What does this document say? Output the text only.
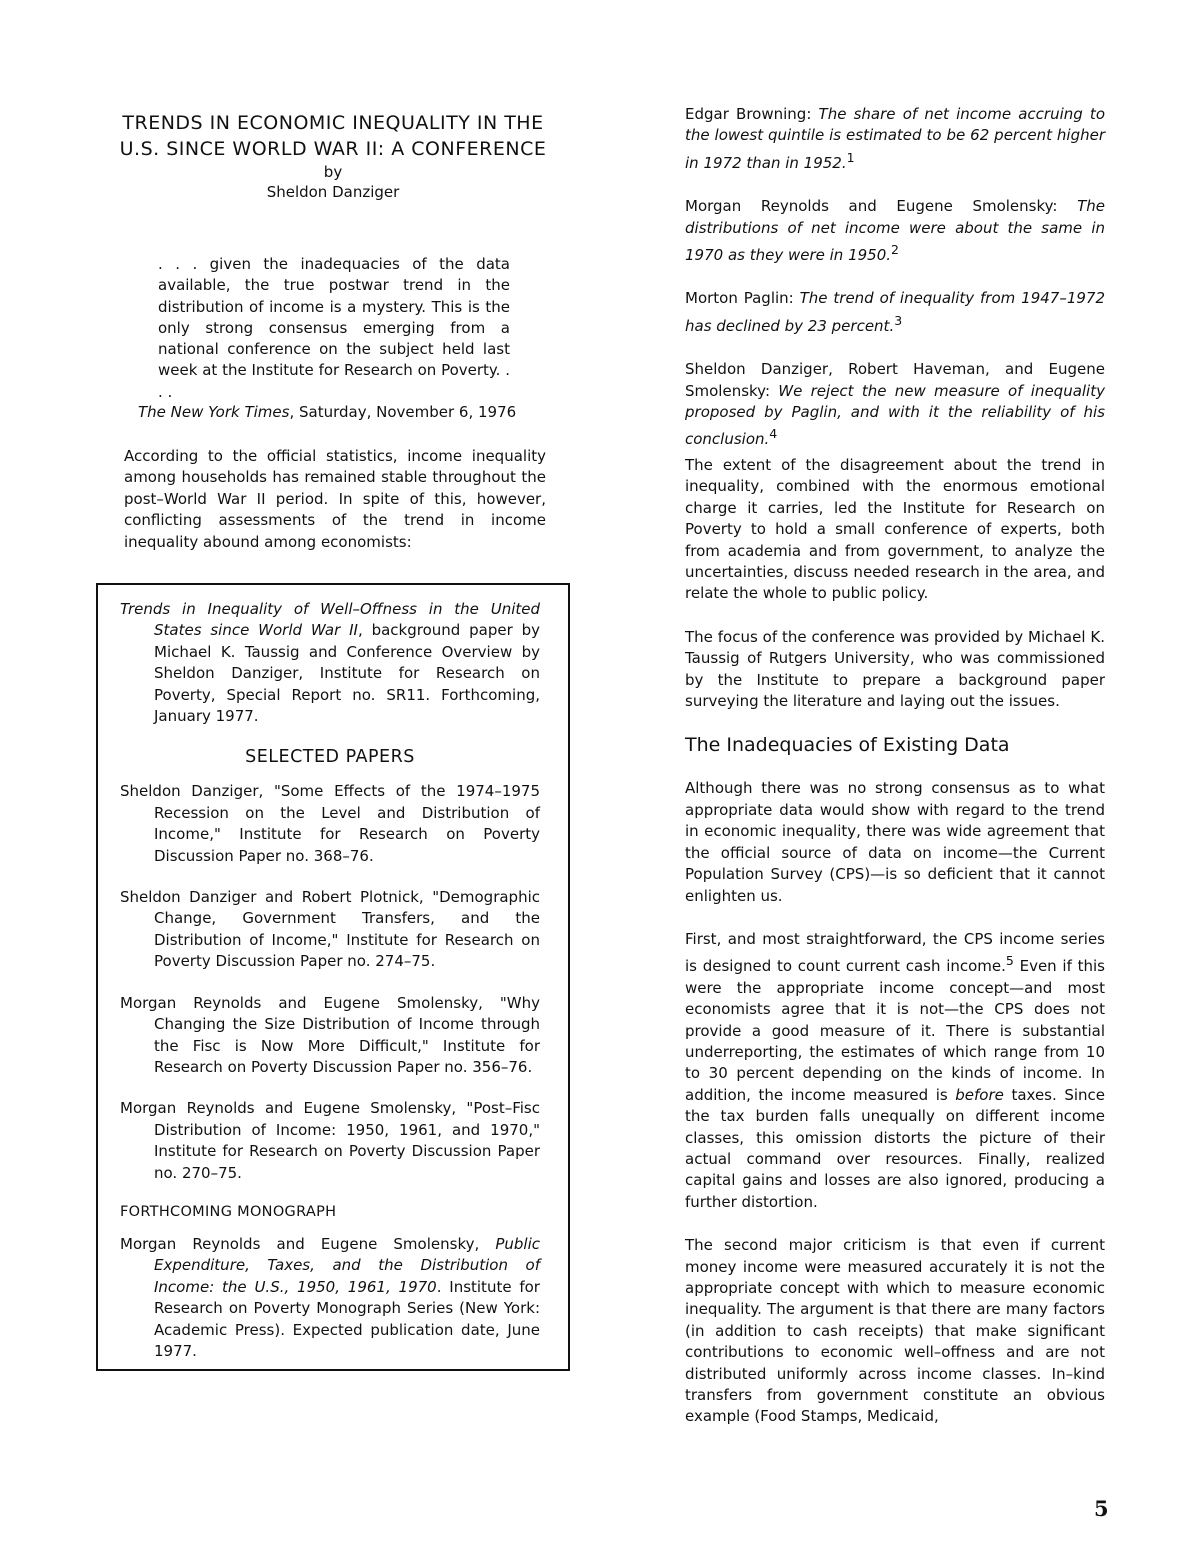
TRENDS IN ECONOMIC INEQUALITY IN THE U.S. SINCE WORLD WAR II: A CONFERENCE

by

Sheldon Danziger

. . . given the inadequacies of the data available, the true postwar trend in the distribution of income is a mystery. This is the only strong consensus emerging from a national conference on the subject held last week at the Institute for Research on Poverty. . . .

The New York Times, Saturday, November 6, 1976

According to the official statistics, income inequality among households has remained stable throughout the post–World War II period. In spite of this, however, conflicting assessments of the trend in income inequality abound among economists:

Trends in Inequality of Well–Offness in the United States since World War II, background paper by Michael K. Taussig and Conference Overview by Sheldon Danziger, Institute for Research on Poverty, Special Report no. SR11. Forthcoming, January 1977.

SELECTED PAPERS

Sheldon Danziger, "Some Effects of the 1974–1975 Recession on the Level and Distribution of Income," Institute for Research on Poverty Discussion Paper no. 368–76.

Sheldon Danziger and Robert Plotnick, "Demographic Change, Government Transfers, and the Distribution of Income," Institute for Research on Poverty Discussion Paper no. 274–75.

Morgan Reynolds and Eugene Smolensky, "Why Changing the Size Distribution of Income through the Fisc is Now More Difficult," Institute for Research on Poverty Discussion Paper no. 356–76.

Morgan Reynolds and Eugene Smolensky, "Post–Fisc Distribution of Income: 1950, 1961, and 1970," Institute for Research on Poverty Discussion Paper no. 270–75.

FORTHCOMING MONOGRAPH

Morgan Reynolds and Eugene Smolensky, Public Expenditure, Taxes, and the Distribution of Income: the U.S., 1950, 1961, 1970. Institute for Research on Poverty Monograph Series (New York: Academic Press). Expected publication date, June 1977.

Edgar Browning: The share of net income accruing to the lowest quintile is estimated to be 62 percent higher in 1972 than in 1952.$^1$

Morgan Reynolds and Eugene Smolensky: The distributions of net income were about the same in 1970 as they were in 1950.$^2$

Morton Paglin: The trend of inequality from 1947–1972 has declined by 23 percent.$^3$

Sheldon Danziger, Robert Haveman, and Eugene Smolensky: We reject the new measure of inequality proposed by Paglin, and with it the reliability of his conclusion.$^4$

The extent of the disagreement about the trend in inequality, combined with the enormous emotional charge it carries, led the Institute for Research on Poverty to hold a small conference of experts, both from academia and from government, to analyze the uncertainties, discuss needed research in the area, and relate the whole to public policy.

The focus of the conference was provided by Michael K. Taussig of Rutgers University, who was commissioned by the Institute to prepare a background paper surveying the literature and laying out the issues.

The Inadequacies of Existing Data

Although there was no strong consensus as to what appropriate data would show with regard to the trend in economic inequality, there was wide agreement that the official source of data on income—the Current Population Survey (CPS)—is so deficient that it cannot enlighten us.

First, and most straightforward, the CPS income series is designed to count current cash income.$^5$ Even if this were the appropriate income concept—and most economists agree that it is not—the CPS does not provide a good measure of it. There is substantial underreporting, the estimates of which range from 10 to 30 percent depending on the kinds of income. In addition, the income measured is before taxes. Since the tax burden falls unequally on different income classes, this omission distorts the picture of their actual command over resources. Finally, realized capital gains and losses are also ignored, producing a further distortion.

The second major criticism is that even if current money income were measured accurately it is not the appropriate concept with which to measure economic inequality. The argument is that there are many factors (in addition to cash receipts) that make significant contributions to economic well–offness and are not distributed uniformly across income classes. In–kind transfers from government constitute an obvious example (Food Stamps, Medicaid,

5
